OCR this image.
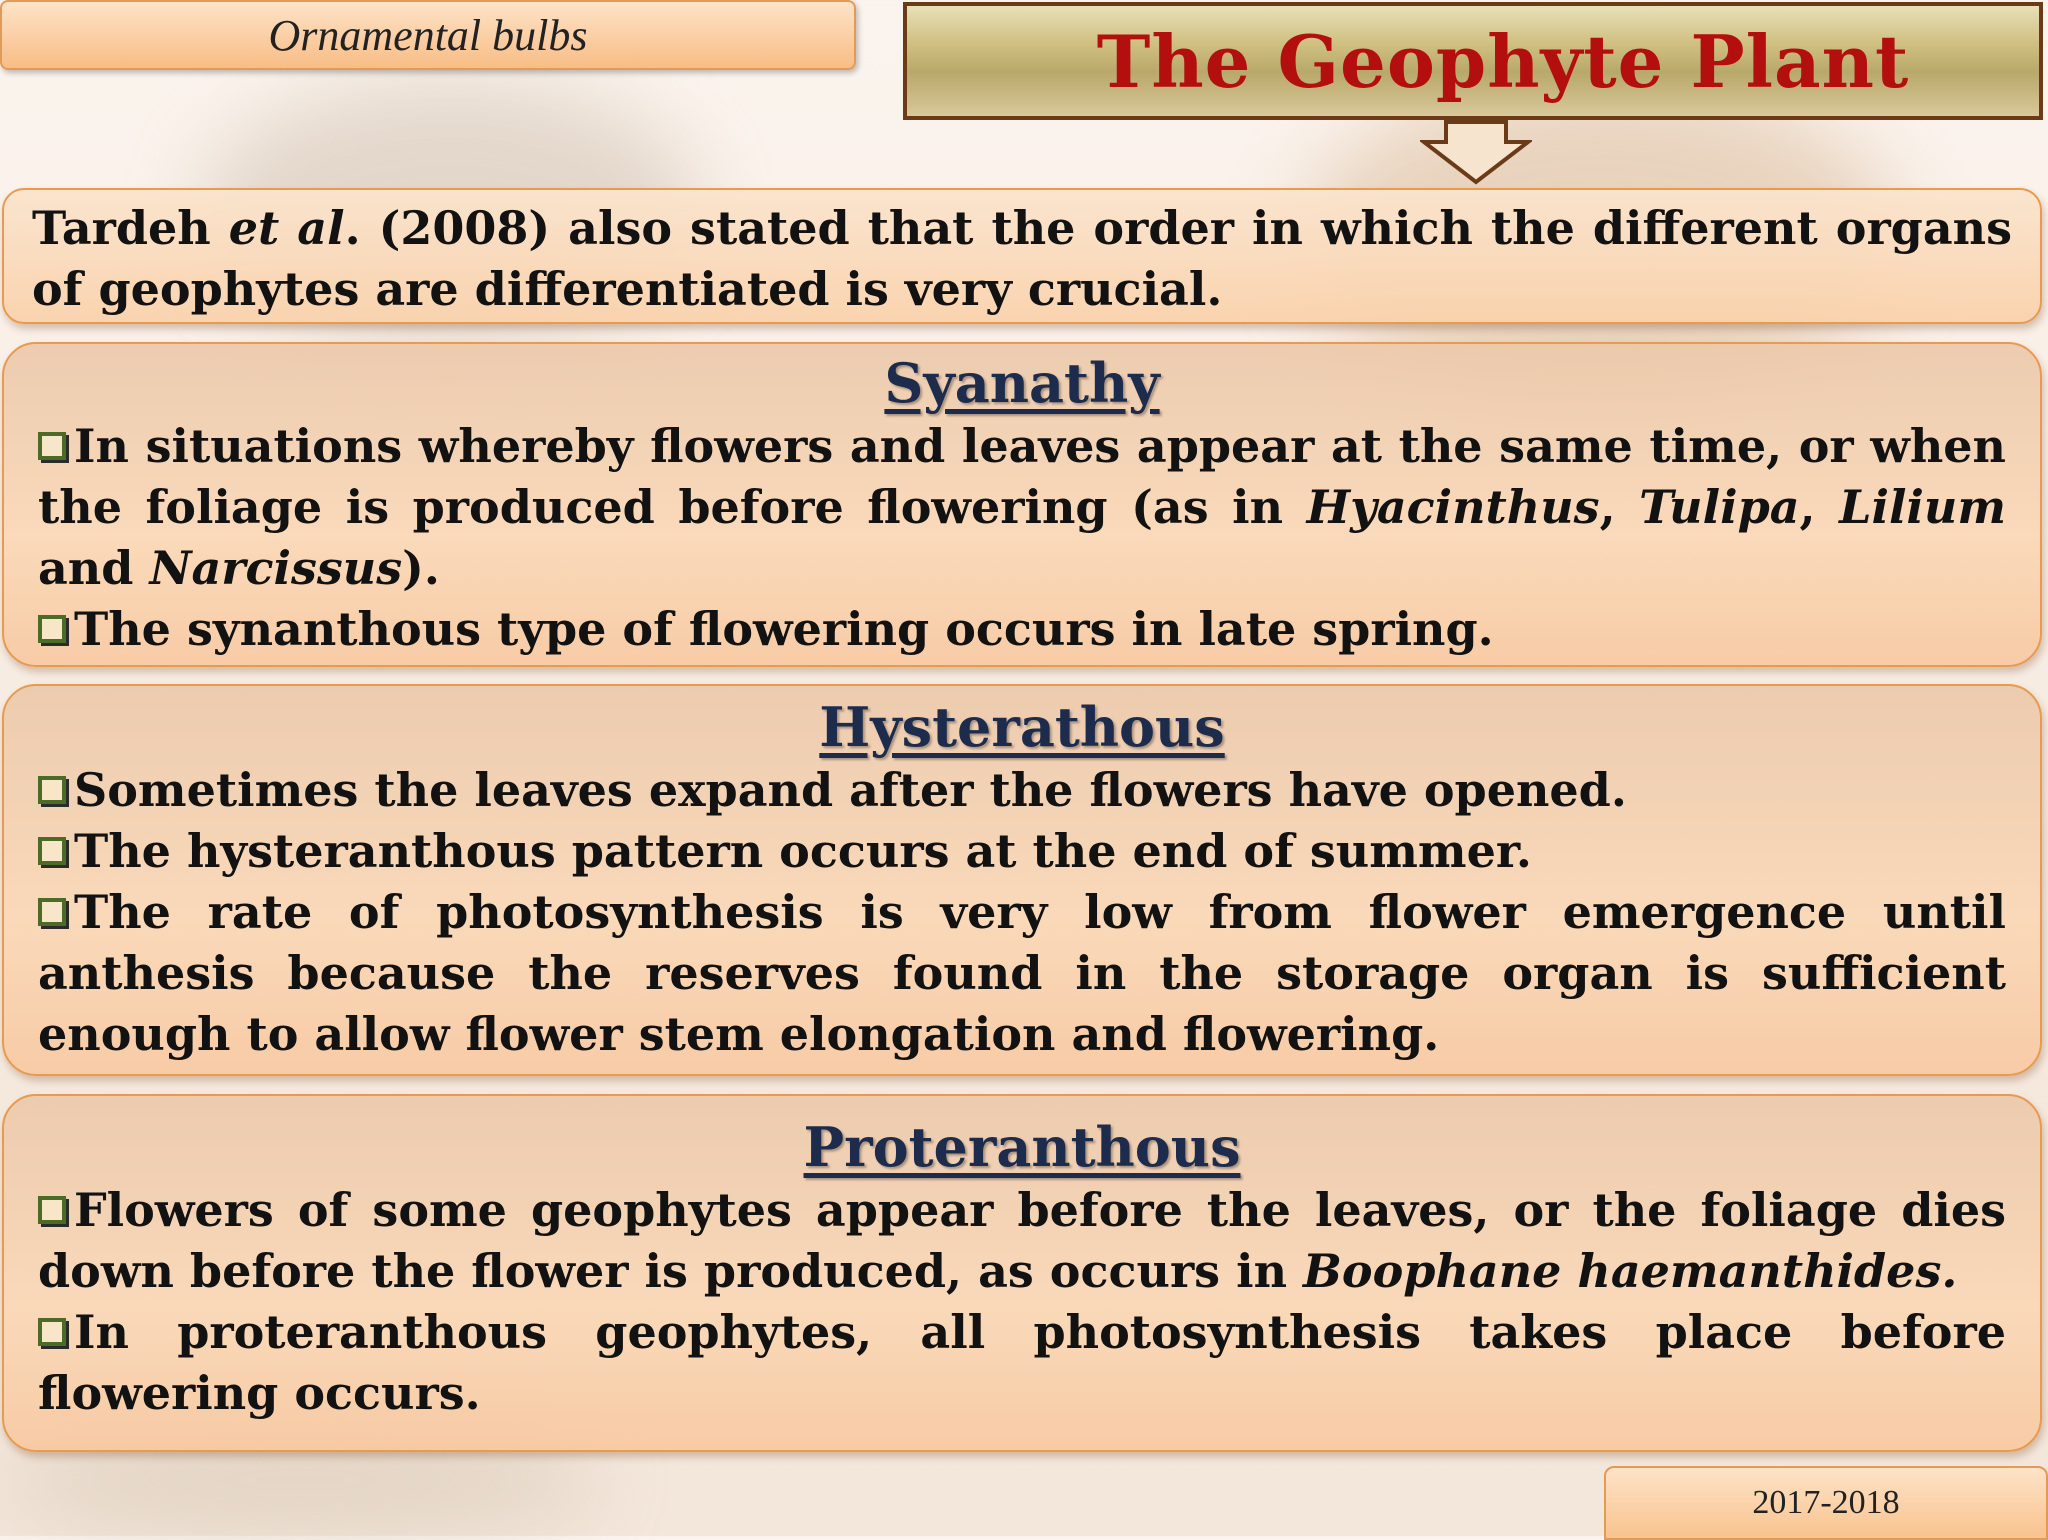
Ornamental bulbs	The Geophyte Plant

Tardeh et al. (2008) also stated that the order in which the different organs of geophytes are differentiated is very crucial.

Syanathy

In situations whereby flowers and leaves appear at the same time, or when the foliage is produced before flowering (as in Hyacinthus, Tulipa, Lilium and Narcissus).

The synanthous type of flowering occurs in late spring.

Hysterathous

Sometimes the leaves expand after the flowers have opened.

The hysteranthous pattern occurs at the end of summer.

The rate of photosynthesis is very low from flower emergence until anthesis because the reserves found in the storage organ is sufficient enough to allow flower stem elongation and flowering.

Proteranthous

Flowers of some geophytes appear before the leaves, or the foliage dies down before the flower is produced, as occurs in Boophane haemanthides.

In proteranthous geophytes, all photosynthesis takes place before flowering occurs.

2017-2018
